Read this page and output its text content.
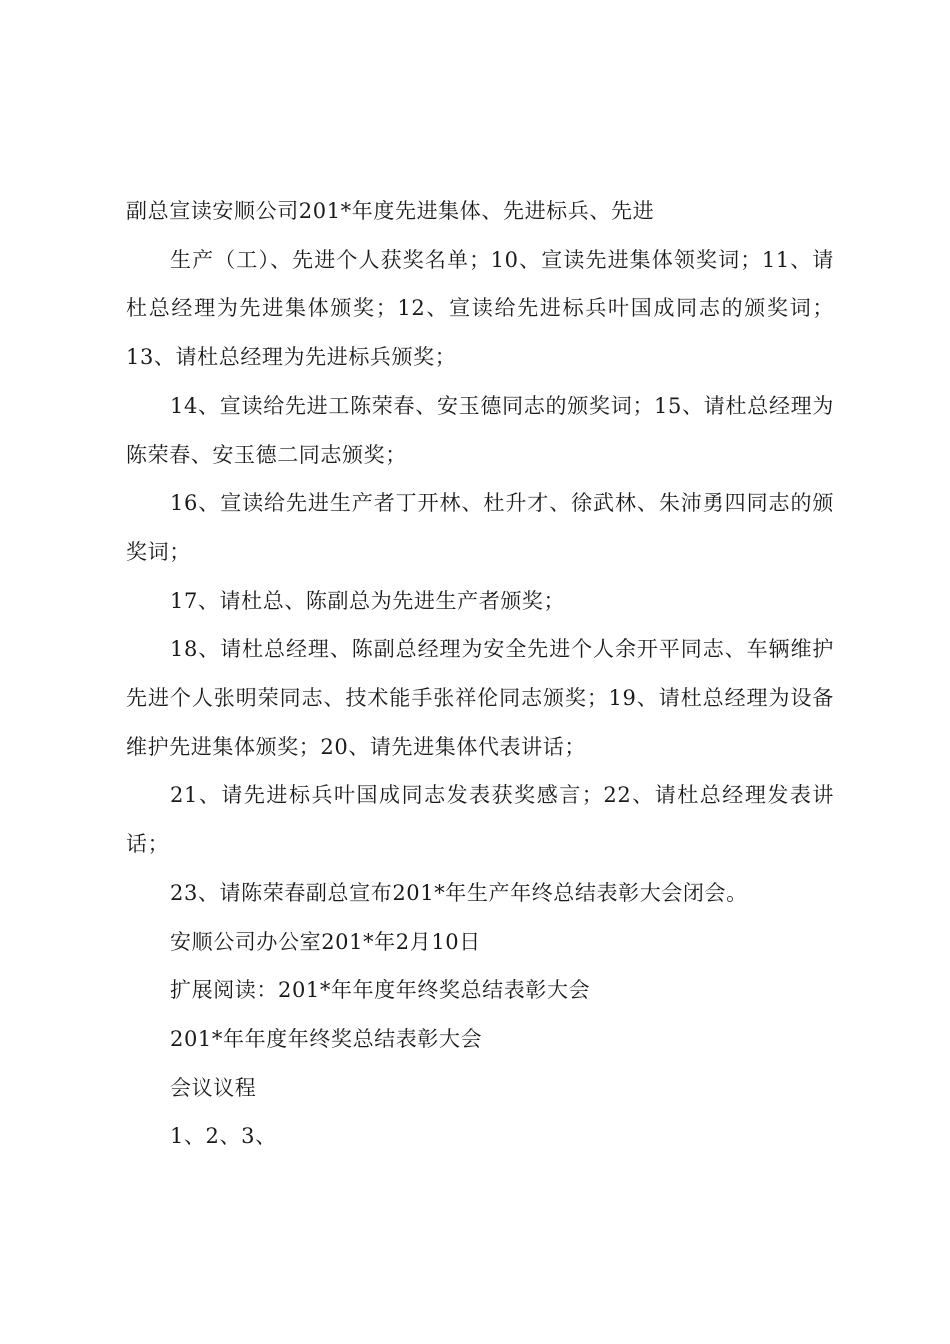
副总宣读安顺公司201*年度先进集体、先进标兵、先进

生产（工）、先进个人获奖名单；10、宣读先进集体领奖词；11、请杜总经理为先进集体颁奖；12、宣读给先进标兵叶国成同志的颁奖词；13、请杜总经理为先进标兵颁奖；

14、宣读给先进工陈荣春、安玉德同志的颁奖词；15、请杜总经理为陈荣春、安玉德二同志颁奖；

16、宣读给先进生产者丁开林、杜升才、徐武林、朱沛勇四同志的颁奖词；

17、请杜总、陈副总为先进生产者颁奖；

18、请杜总经理、陈副总经理为安全先进个人余开平同志、车辆维护先进个人张明荣同志、技术能手张祥伦同志颁奖；19、请杜总经理为设备维护先进集体颁奖；20、请先进集体代表讲话；

21、请先进标兵叶国成同志发表获奖感言；22、请杜总经理发表讲话；

23、请陈荣春副总宣布201*年生产年终总结表彰大会闭会。

安顺公司办公室201*年2月10日

扩展阅读：201*年年度年终奖总结表彰大会

201*年年度年终奖总结表彰大会

会议议程

1、2、3、
